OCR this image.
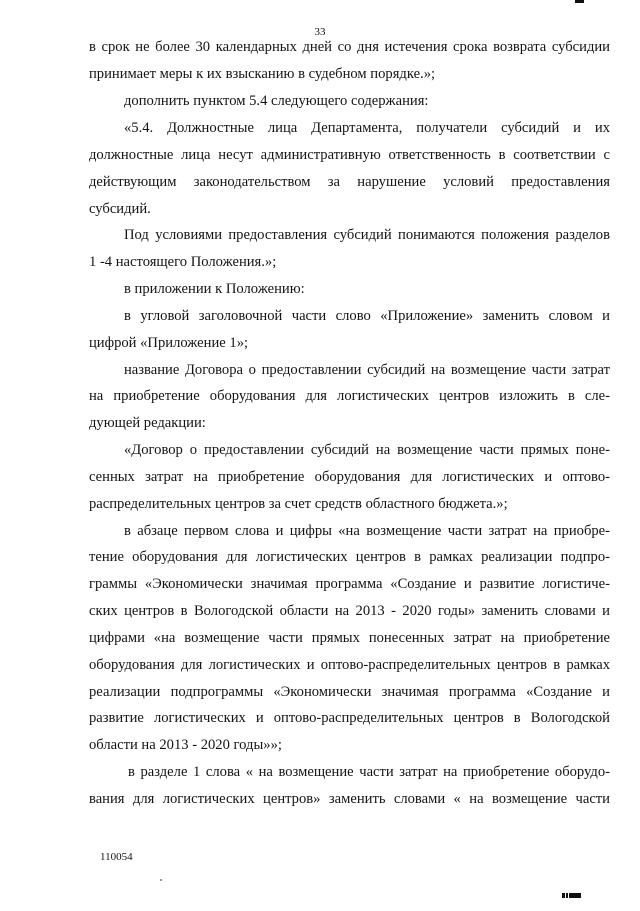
33
в срок не более 30 календарных дней со дня истечения срока возврата субсидии
принимает меры к их взысканию в судебном порядке.»;
дополнить пунктом 5.4 следующего содержания:
«5.4. Должностные лица Департамента, получатели субсидий и их
должностные лица несут административную ответственность в соответствии с
действующим законодательством за нарушение условий предоставления
субсидий.
Под условиями предоставления субсидий понимаются положения разделов
1 -4 настоящего Положения.»;
в приложении к Положению:
в угловой заголовочной части слово «Приложение» заменить словом и
цифрой «Приложение 1»;
название Договора о предоставлении субсидий на возмещение части затрат
на приобретение оборудования для логистических центров изложить в сле-
дующей редакции:
«Договор о предоставлении субсидий на возмещение части прямых поне-
сенных затрат на приобретение оборудования для логистических и оптово-
распределительных центров за счет средств областного бюджета.»;
в абзаце первом слова и цифры «на возмещение части затрат на приобре-
тение оборудования для логистических центров в рамках реализации подпро-
граммы «Экономически значимая программа «Создание и развитие логистиче-
ских центров в Вологодской области на 2013 - 2020 годы» заменить словами и
цифрами «на возмещение части прямых понесенных затрат на приобретение
оборудования для логистических и оптово-распределительных центров в рамках
реализации подпрограммы «Экономически значимая программа «Создание и
развитие логистических и оптово-распределительных центров в Вологодской
области на 2013 - 2020 годы»»;
в разделе 1 слова « на возмещение части затрат на приобретение оборудо-
вания для логистических центров» заменить словами « на возмещение части
110054
